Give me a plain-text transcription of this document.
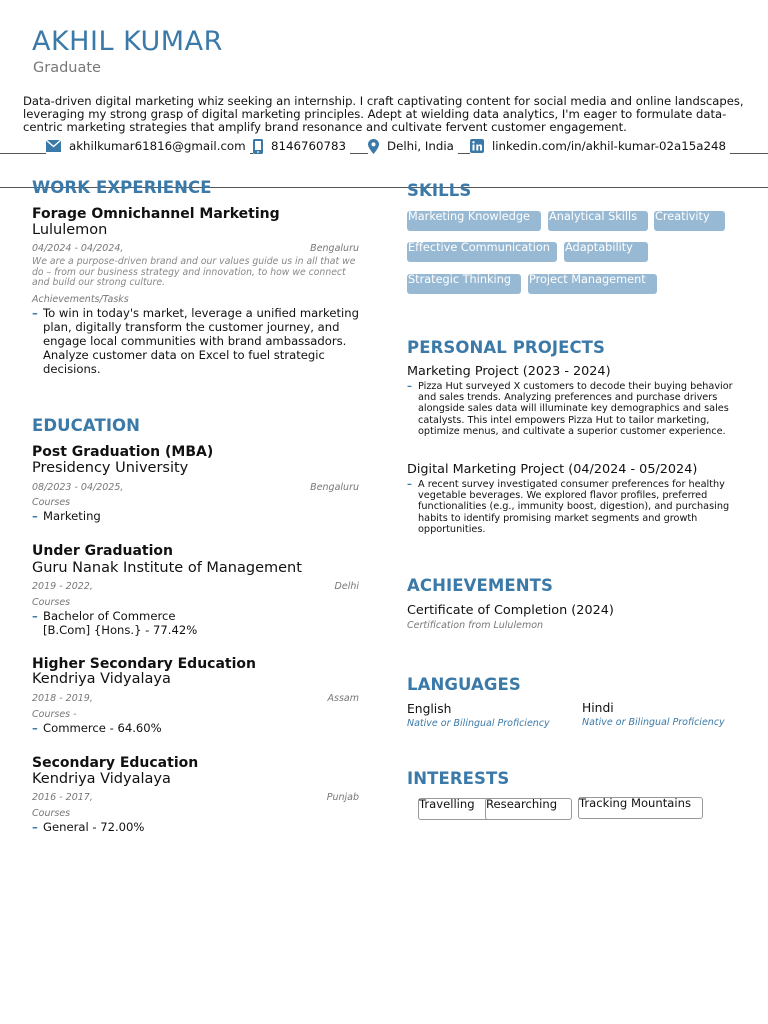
AKHIL KUMAR
Graduate
Data-driven digital marketing whiz seeking an internship. I craft captivating content for social media and online landscapes, leveraging my strong grasp of digital marketing principles. Adept at wielding data analytics, I'm eager to formulate data-centric marketing strategies that amplify brand resonance and cultivate fervent customer engagement.
akhilkumar61816@gmail.com 8146760783	Delhi, India	linkedin.com/in/akhil-kumar-02a15a248
WORK EXPERIENCE
Forage Omnichannel Marketing
Lululemon
04/2024 - 04/2024,	Bengaluru
We are a purpose-driven brand and our values guide us in all that we do – from our business strategy and innovation, to how we connect and build our strong culture.
Achievements/Tasks
– To win in today's market, leverage a unified marketing plan, digitally transform the customer journey, and engage local communities with brand ambassadors. Analyze customer data on Excel to fuel strategic decisions.
EDUCATION
Post Graduation (MBA)
Presidency University
08/2023 - 04/2025,	Bengaluru
Courses
– Marketing
Under Graduation
Guru Nanak Institute of Management
2019 - 2022,	Delhi
Courses
– Bachelor of Commerce
[B.Com] {Hons.} - 77.42%
Higher Secondary Education
Kendriya Vidyalaya
2018 - 2019,	Assam
Courses -
– Commerce - 64.60%
Secondary Education
Kendriya Vidyalaya
2016 - 2017,	Punjab
Courses
– General - 72.00%
SKILLS
Marketing Knowledge	Analytical Skills	Creativity
Effective Communication	Adaptability
Strategic Thinking	Project Management
PERSONAL PROJECTS
Marketing Project (2023 - 2024)
– Pizza Hut surveyed X customers to decode their buying behavior and sales trends. Analyzing preferences and purchase drivers alongside sales data will illuminate key demographics and sales catalysts. This intel empowers Pizza Hut to tailor marketing, optimize menus, and cultivate a superior customer experience.
Digital Marketing Project (04/2024 - 05/2024)
– A recent survey investigated consumer preferences for healthy vegetable beverages. We explored flavor profiles, preferred functionalities (e.g., immunity boost, digestion), and purchasing habits to identify promising market segments and growth opportunities.
ACHIEVEMENTS
Certificate of Completion (2024)
Certification from Lululemon
LANGUAGES
English
Native or Bilingual Proficiency
Hindi
Native or Bilingual Proficiency
INTERESTS
Travelling Researching	Tracking Mountains
